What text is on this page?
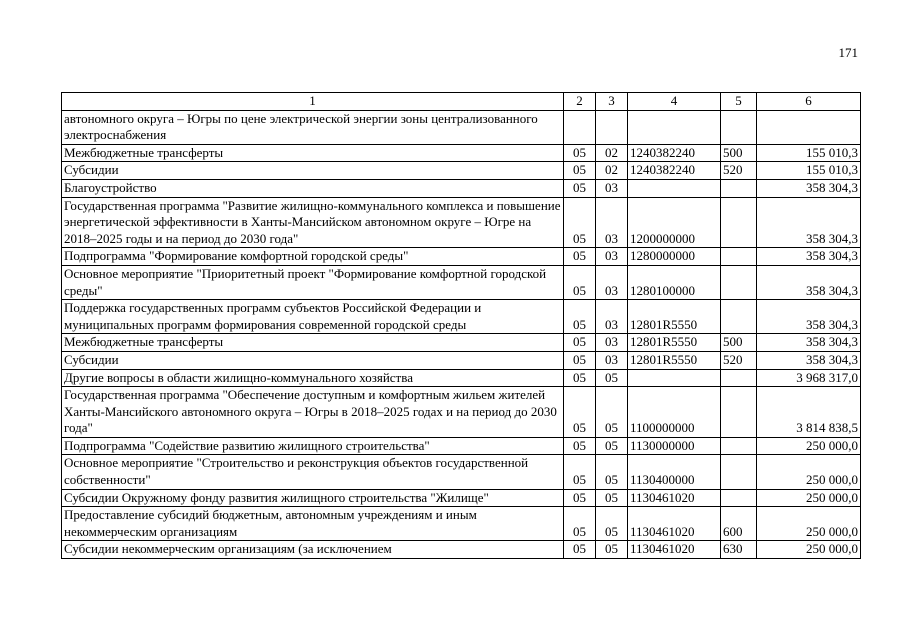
171
1	2	3	4	5	6
автономного округа – Югры по цене электрической энергии зоны централизованного электроснабжения					
Межбюджетные трансферты	05	02	1240382240	500	155 010,3
Субсидии	05	02	1240382240	520	155 010,3
Благоустройство	05	03			358 304,3
Государственная программа "Развитие жилищно-коммунального комплекса и повышение энергетической эффективности в Ханты-Мансийском автономном округе – Югре на 2018–2025 годы и на период до 2030 года"	05	03	1200000000		358 304,3
Подпрограмма "Формирование комфортной городской среды"	05	03	1280000000		358 304,3
Основное мероприятие "Приоритетный проект "Формирование комфортной городской среды"	05	03	1280100000		358 304,3
Поддержка государственных программ субъектов Российской Федерации и муниципальных программ формирования современной городской среды	05	03	12801R5550		358 304,3
Межбюджетные трансферты	05	03	12801R5550	500	358 304,3
Субсидии	05	03	12801R5550	520	358 304,3
Другие вопросы в области жилищно-коммунального хозяйства	05	05			3 968 317,0
Государственная программа "Обеспечение доступным и комфортным жильем жителей Ханты-Мансийского автономного округа – Югры в 2018–2025 годах и на период до 2030 года"	05	05	1100000000		3 814 838,5
Подпрограмма "Содействие развитию жилищного строительства"	05	05	1130000000		250 000,0
Основное мероприятие "Строительство и реконструкция объектов государственной собственности"	05	05	1130400000		250 000,0
Субсидии Окружному фонду развития жилищного строительства "Жилище"	05	05	1130461020		250 000,0
Предоставление субсидий бюджетным, автономным учреждениям и иным некоммерческим организациям	05	05	1130461020	600	250 000,0
Субсидии некоммерческим организациям (за исключением	05	05	1130461020	630	250 000,0
